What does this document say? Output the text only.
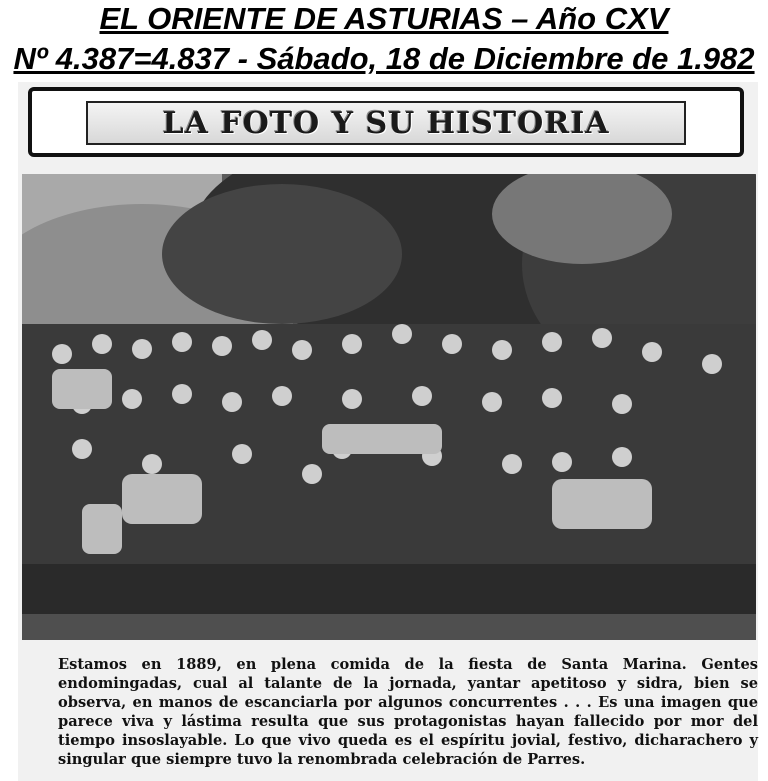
EL ORIENTE DE ASTURIAS – Año CXV
Nº 4.387=4.837 - Sábado, 18 de Diciembre de 1.982
LA FOTO Y SU HISTORIA
Estamos en 1889, en plena comida de la fiesta de Santa Marina. Gentes endomingadas, cual al talante de la jornada, yantar apetitoso y sidra, bien se observa, en manos de escanciarla por algunos concurrentes . . . Es una imagen que parece viva y lástima resulta que sus protagonistas hayan fallecido por mor del tiempo insoslayable. Lo que vivo queda es el espíritu jovial, festivo, dicharachero y singular que siempre tuvo la renombrada celebración de Parres.
